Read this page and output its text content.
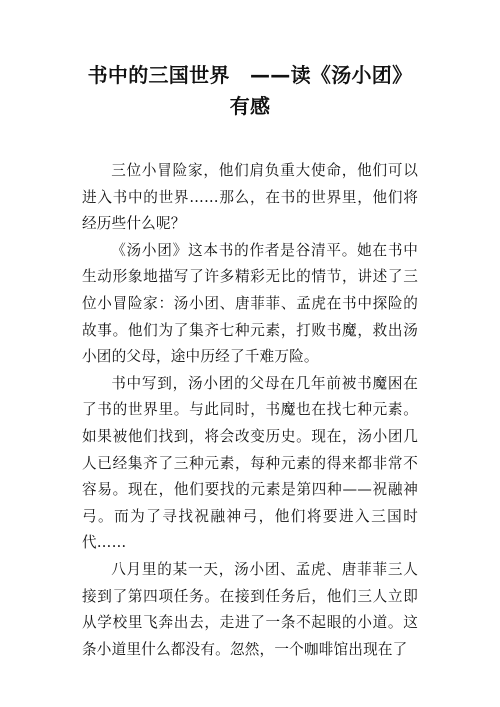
书中的三国世界　——读《汤小团》
有感

三位小冒险家，他们肩负重大使命，他们可以进入书中的世界……那么，在书的世界里，他们将经历些什么呢？

《汤小团》这本书的作者是谷清平。她在书中生动形象地描写了许多精彩无比的情节，讲述了三位小冒险家：汤小团、唐菲菲、孟虎在书中探险的故事。他们为了集齐七种元素，打败书魔，救出汤小团的父母，途中历经了千难万险。

书中写到，汤小团的父母在几年前被书魔困在了书的世界里。与此同时，书魔也在找七种元素。如果被他们找到，将会改变历史。现在，汤小团几人已经集齐了三种元素，每种元素的得来都非常不容易。现在，他们要找的元素是第四种——祝融神弓。而为了寻找祝融神弓，他们将要进入三国时代……

八月里的某一天，汤小团、孟虎、唐菲菲三人接到了第四项任务。在接到任务后，他们三人立即从学校里飞奔出去，走进了一条不起眼的小道。这条小道里什么都没有。忽然，一个咖啡馆出现在了
